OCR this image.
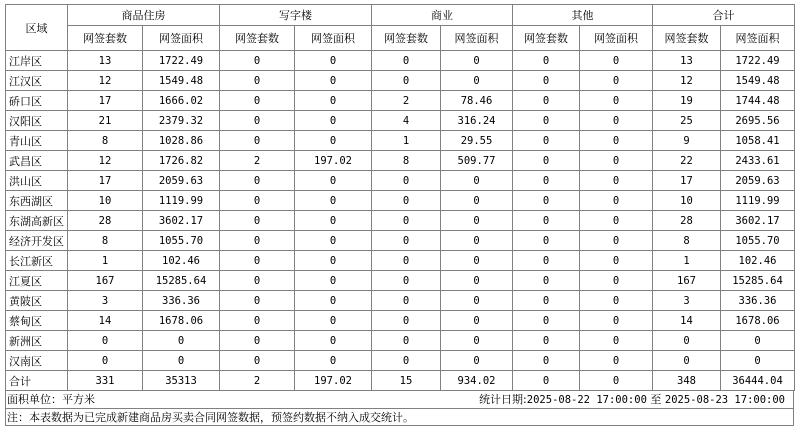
区域	商品住房		写字楼		商业		其他		合计	
	网签套数	网签面积	网签套数	网签面积	网签套数	网签面积	网签套数	网签面积	网签套数	网签面积
江岸区	13	1722.49	0	0	0	0	0	0	13	1722.49
江汉区	12	1549.48	0	0	0	0	0	0	12	1549.48
硚口区	17	1666.02	0	0	2	78.46	0	0	19	1744.48
汉阳区	21	2379.32	0	0	4	316.24	0	0	25	2695.56
青山区	8	1028.86	0	0	1	29.55	0	0	9	1058.41
武昌区	12	1726.82	2	197.02	8	509.77	0	0	22	2433.61
洪山区	17	2059.63	0	0	0	0	0	0	17	2059.63
东西湖区	10	1119.99	0	0	0	0	0	0	10	1119.99
东湖高新区	28	3602.17	0	0	0	0	0	0	28	3602.17
经济开发区	8	1055.70	0	0	0	0	0	0	8	1055.70
长江新区	1	102.46	0	0	0	0	0	0	1	102.46
江夏区	167	15285.64	0	0	0	0	0	0	167	15285.64
黄陂区	3	336.36	0	0	0	0	0	0	3	336.36
蔡甸区	14	1678.06	0	0	0	0	0	0	14	1678.06
新洲区	0	0	0	0	0	0	0	0	0	0
汉南区	0	0	0	0	0	0	0	0	0	0
合计	331	35313	2	197.02	15	934.02	0	0	348	36444.04
面积单位：平方米	统计日期:2025-08-22 17:00:00 至 2025-08-23 17:00:00
注：本表数据为已完成新建商品房买卖合同网签数据，预签约数据不纳入成交统计。
